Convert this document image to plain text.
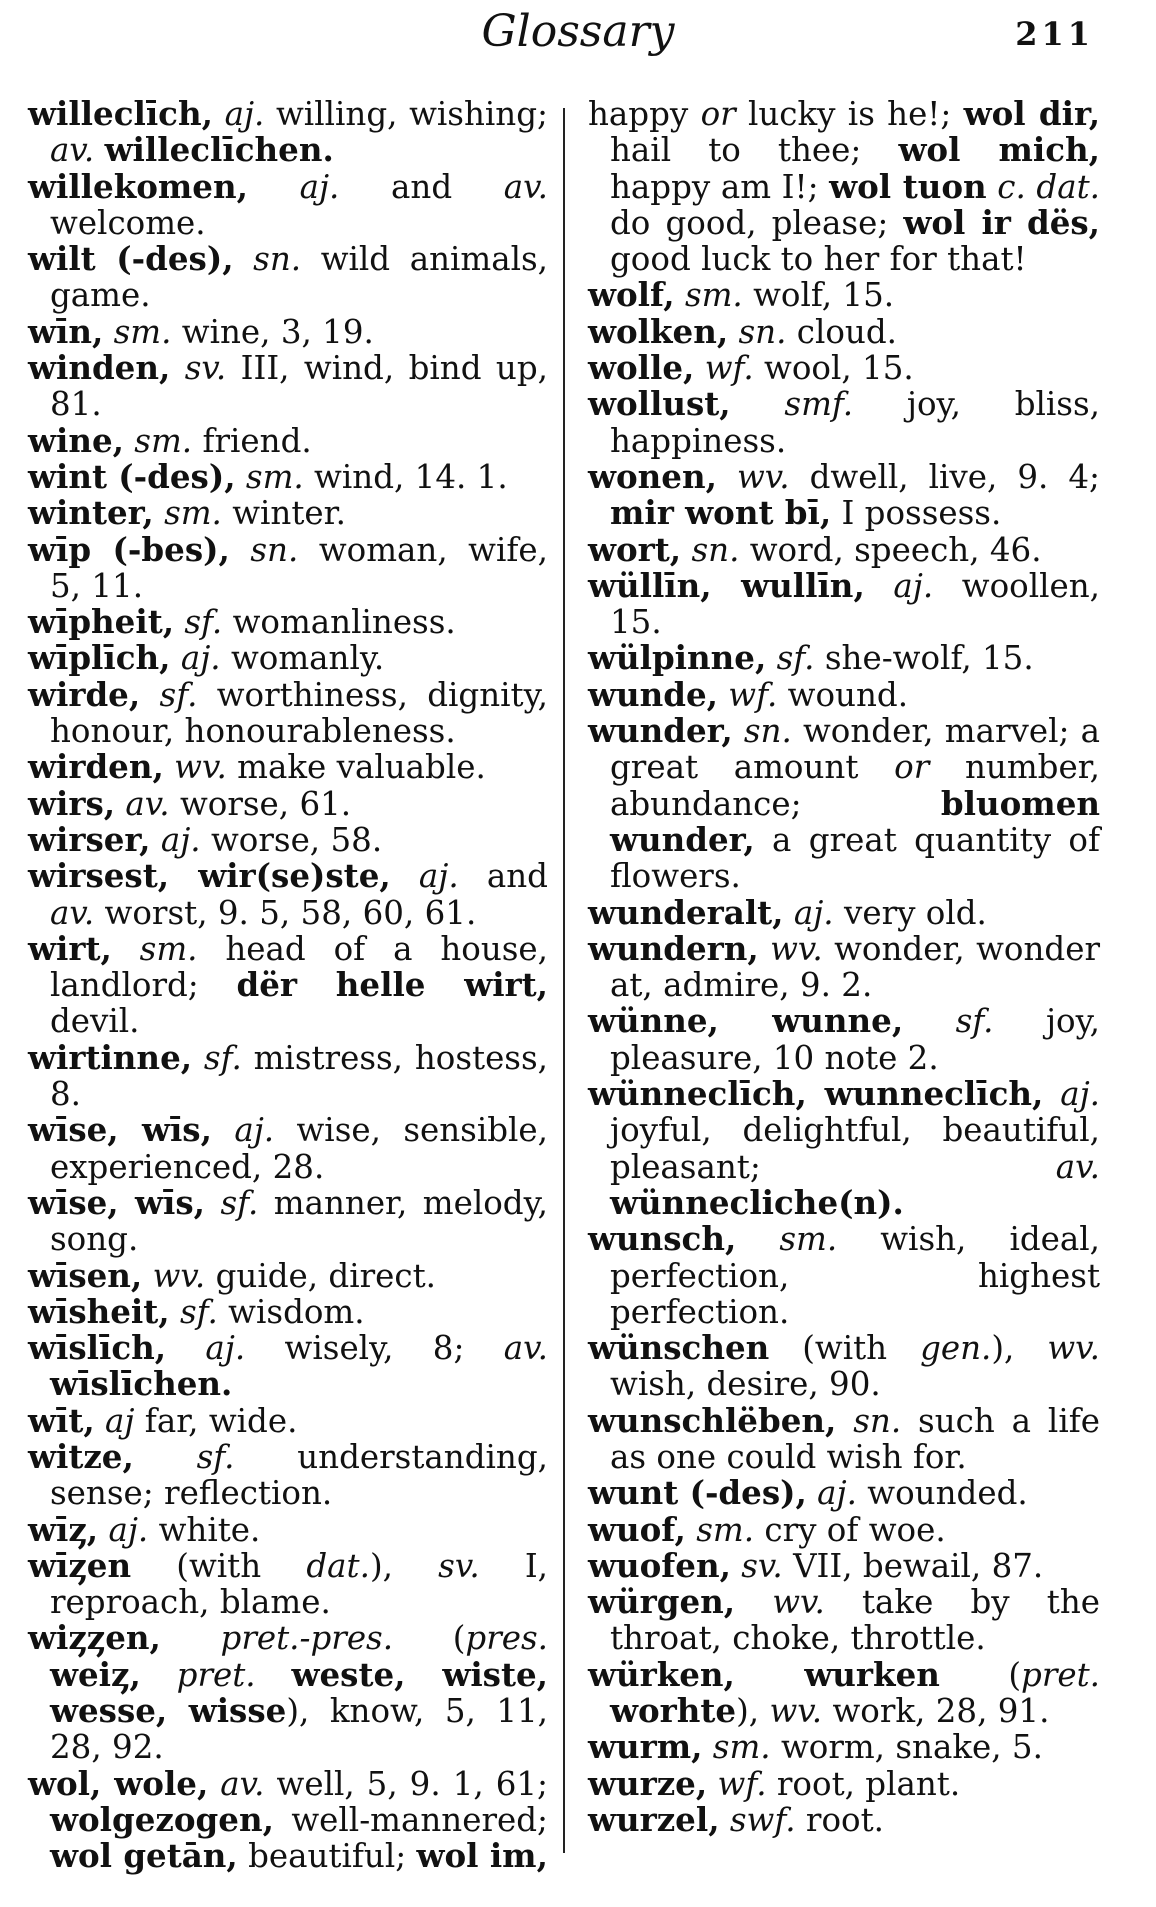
Glossary	211
willeclīch, aj. willing, wishing; av. willeclīchen.
willekomen, aj. and av. welcome.
wilt (-des), sn. wild animals, game.
wīn, sm. wine, 3, 19.
winden, sv. III, wind, bind up, 81.
wine, sm. friend.
wint (-des), sm. wind, 14. 1.
winter, sm. winter.
wīp (-bes), sn. woman, wife, 5, 11.
wīpheit, sf. womanliness.
wīplīch, aj. womanly.
wirde, sf. worthiness, dignity, honour, honourableness.
wirden, wv. make valuable.
wirs, av. worse, 61.
wirser, aj. worse, 58.
wirsest, wir(se)ste, aj. and av. worst, 9. 5, 58, 60, 61.
wirt, sm. head of a house, landlord; dër helle wirt, devil.
wirtinne, sf. mistress, hostess, 8.
wīse, wīs, aj. wise, sensible, experienced, 28.
wīse, wīs, sf. manner, melody, song.
wīsen, wv. guide, direct.
wīsheit, sf. wisdom.
wīslīch, aj. wisely, 8; av. wīslīchen.
wīt, aj far, wide.
witze, sf. understanding, sense; reflection.
wīȥ, aj. white.
wīȥen (with dat.), sv. I, reproach, blame.
wiȥȥen, pret.-pres. (pres. weiȥ, pret. weste, wiste, wesse, wisse), know, 5, 11, 28, 92.
wol, wole, av. well, 5, 9. 1, 61; wolgezogen, well-mannered; wol getān, beautiful; wol im,
happy or lucky is he!; wol dir, hail to thee; wol mich, happy am I!; wol tuon c. dat. do good, please; wol ir dës, good luck to her for that!
wolf, sm. wolf, 15.
wolken, sn. cloud.
wolle, wf. wool, 15.
wollust, smf. joy, bliss, happiness.
wonen, wv. dwell, live, 9. 4; mir wont bī, I possess.
wort, sn. word, speech, 46.
wüllīn, wullīn, aj. woollen, 15.
wülpinne, sf. she-wolf, 15.
wunde, wf. wound.
wunder, sn. wonder, marvel; a great amount or number, abundance; bluomen wunder, a great quantity of flowers.
wunderalt, aj. very old.
wundern, wv. wonder, wonder at, admire, 9. 2.
wünne, wunne, sf. joy, pleasure, 10 note 2.
wünneclīch, wunneclīch, aj. joyful, delightful, beautiful, pleasant; av. wünnecliche(n).
wunsch, sm. wish, ideal, perfection, highest perfection.
wünschen (with gen.), wv. wish, desire, 90.
wunschlëben, sn. such a life as one could wish for.
wunt (-des), aj. wounded.
wuof, sm. cry of woe.
wuofen, sv. VII, bewail, 87.
würgen, wv. take by the throat, choke, throttle.
würken, wurken (pret. worhte), wv. work, 28, 91.
wurm, sm. worm, snake, 5.
wurze, wf. root, plant.
wurzel, swf. root.
